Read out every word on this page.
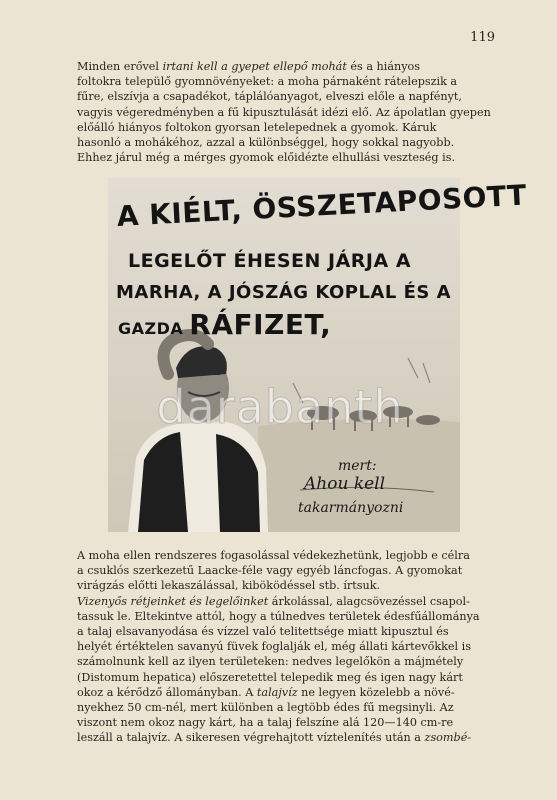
119
Minden erővel irtani kell a gyepet ellepő mohát és a hiányos
foltokra települő gyomnövényeket: a moha párnaként rátelepszik a
fűre, elszívja a csapadékot, táplálóanyagot, elveszi előle a napfényt,
vagyis végeredményben a fű kipusztulását idézi elő. Az ápolatlan gyepen
előálló hiányos foltokon gyorsan letelepednek a gyomok. Káruk
hasonló a mohákéhoz, azzal a különbséggel, hogy sokkal nagyobb.
Ehhez járul még a mérges gyomok előidézte elhullási veszteség is.
A KIÉLT, ÖSSZETAPOSOTT
LEGELŐT ÉHESEN JÁRJA A
MARHA, A JÓSZÁG KOPLAL ÉS A
GAZDA RÁFIZET,
mert:
Ahou kell
takarmányozni
darabanth
A moha ellen rendszeres fogasolással védekezhetünk, legjobb e célra
a csuklós szerkezetű Laacke-féle vagy egyéb láncfogas. A gyomokat
virágzás előtti lekaszálással, kiböködéssel stb. írtsuk.
Vizenyős rétjeinket és legelőinket árkolással, alagcsövezéssel csapol-
tassuk le. Eltekintve attól, hogy a túlnedves területek édesfűállománya
a talaj elsavanyodása és vízzel való telitettsége miatt kipusztul és
helyét értéktelen savanyú füvek foglalják el, még állati kártevőkkel is
számolnunk kell az ilyen területeken: nedves legelőkön a májmétely
(Distomum hepatica) előszeretettel telepedik meg és igen nagy kárt
okoz a kérődző állományban. A talajvíz ne legyen közelebb a növé-
nyekhez 50 cm-nél, mert különben a legtöbb édes fű megsinyli. Az
viszont nem okoz nagy kárt, ha a talaj felszíne alá 120—140 cm-re
leszáll a talajvíz. A sikeresen végrehajtott víztelenítés után a zsombé-
